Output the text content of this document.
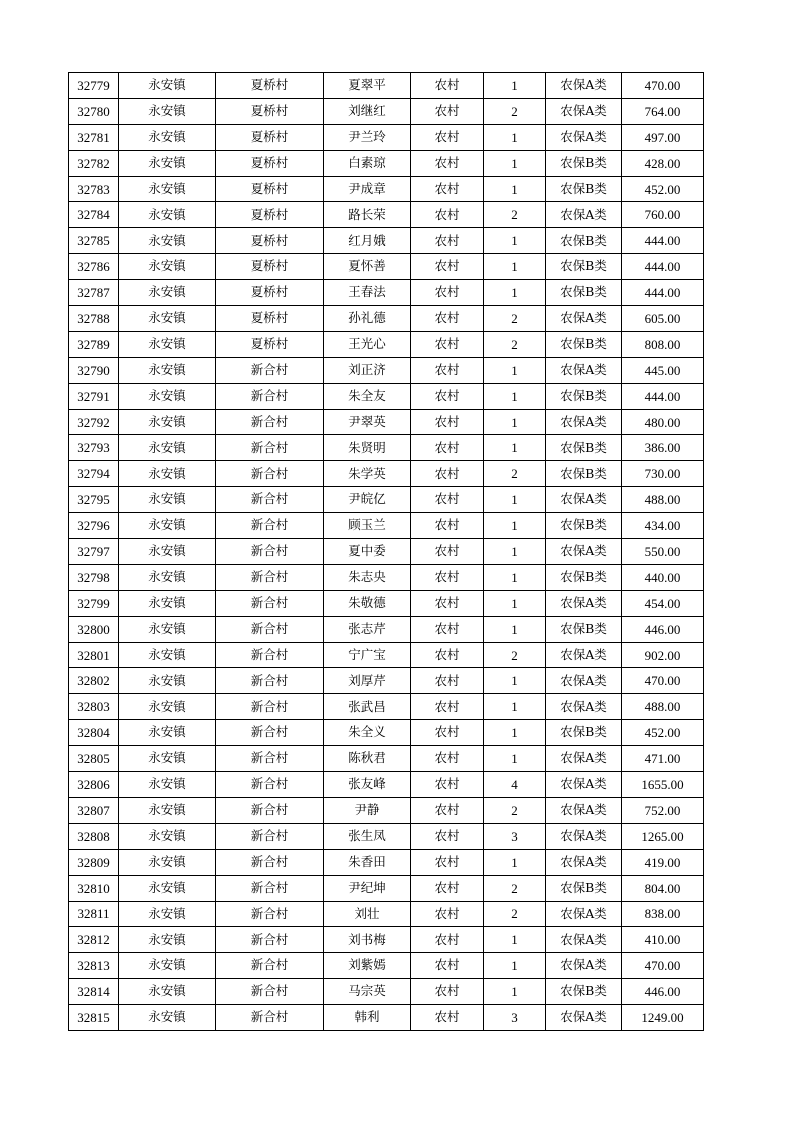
32779	永安镇	夏桥村	夏翠平	农村	1	农保A类	470.00
32780	永安镇	夏桥村	刘继红	农村	2	农保A类	764.00
32781	永安镇	夏桥村	尹兰玲	农村	1	农保A类	497.00
32782	永安镇	夏桥村	白素琼	农村	1	农保B类	428.00
32783	永安镇	夏桥村	尹成章	农村	1	农保B类	452.00
32784	永安镇	夏桥村	路长荣	农村	2	农保A类	760.00
32785	永安镇	夏桥村	红月娥	农村	1	农保B类	444.00
32786	永安镇	夏桥村	夏怀善	农村	1	农保B类	444.00
32787	永安镇	夏桥村	王春法	农村	1	农保B类	444.00
32788	永安镇	夏桥村	孙礼德	农村	2	农保A类	605.00
32789	永安镇	夏桥村	王光心	农村	2	农保B类	808.00
32790	永安镇	新合村	刘正济	农村	1	农保A类	445.00
32791	永安镇	新合村	朱全友	农村	1	农保B类	444.00
32792	永安镇	新合村	尹翠英	农村	1	农保A类	480.00
32793	永安镇	新合村	朱贤明	农村	1	农保B类	386.00
32794	永安镇	新合村	朱学英	农村	2	农保B类	730.00
32795	永安镇	新合村	尹皖亿	农村	1	农保A类	488.00
32796	永安镇	新合村	顾玉兰	农村	1	农保B类	434.00
32797	永安镇	新合村	夏中委	农村	1	农保A类	550.00
32798	永安镇	新合村	朱志央	农村	1	农保B类	440.00
32799	永安镇	新合村	朱敬德	农村	1	农保A类	454.00
32800	永安镇	新合村	张志芹	农村	1	农保B类	446.00
32801	永安镇	新合村	宁广宝	农村	2	农保A类	902.00
32802	永安镇	新合村	刘厚芹	农村	1	农保A类	470.00
32803	永安镇	新合村	张武昌	农村	1	农保A类	488.00
32804	永安镇	新合村	朱全义	农村	1	农保B类	452.00
32805	永安镇	新合村	陈秋君	农村	1	农保A类	471.00
32806	永安镇	新合村	张友峰	农村	4	农保A类	1655.00
32807	永安镇	新合村	尹静	农村	2	农保A类	752.00
32808	永安镇	新合村	张生凤	农村	3	农保A类	1265.00
32809	永安镇	新合村	朱香田	农村	1	农保A类	419.00
32810	永安镇	新合村	尹纪坤	农村	2	农保B类	804.00
32811	永安镇	新合村	刘壮	农村	2	农保A类	838.00
32812	永安镇	新合村	刘书梅	农村	1	农保A类	410.00
32813	永安镇	新合村	刘紫嫣	农村	1	农保A类	470.00
32814	永安镇	新合村	马宗英	农村	1	农保B类	446.00
32815	永安镇	新合村	韩利	农村	3	农保A类	1249.00
